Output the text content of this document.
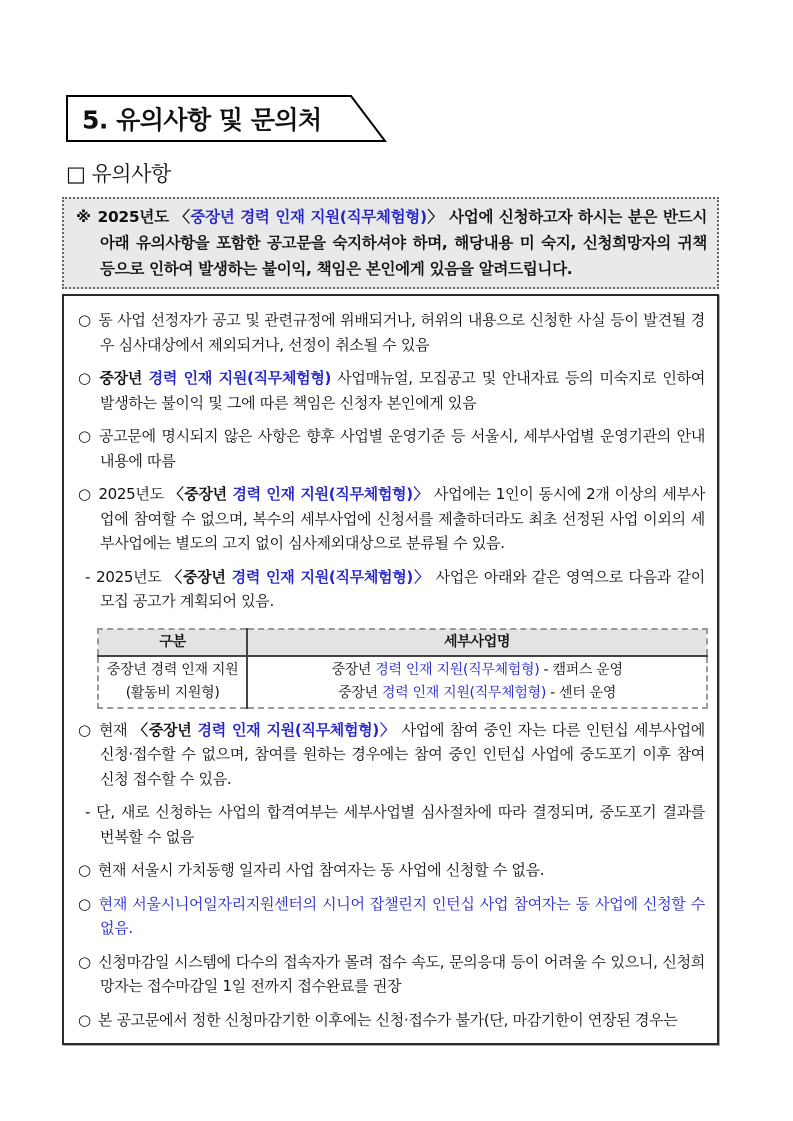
5. 유의사항 및 문의처
□ 유의사항
※ 2025년도 〈중장년 경력 인재 지원(직무체험형)〉 사업에 신청하고자 하시는 분은 반드시 아래 유의사항을 포함한 공고문을 숙지하셔야 하며, 해당내용 미 숙지, 신청희망자의 귀책 등으로 인하여 발생하는 불이익, 책임은 본인에게 있음을 알려드립니다.
○ 동 사업 선정자가 공고 및 관련규정에 위배되거나, 허위의 내용으로 신청한 사실 등이 발견될 경우 심사대상에서 제외되거나, 선정이 취소될 수 있음
○ 중장년 경력 인재 지원(직무체험형) 사업매뉴얼, 모집공고 및 안내자료 등의 미숙지로 인하여 발생하는 불이익 및 그에 따른 책임은 신청자 본인에게 있음
○ 공고문에 명시되지 않은 사항은 향후 사업별 운영기준 등 서울시, 세부사업별 운영기관의 안내 내용에 따름
○ 2025년도 〈중장년 경력 인재 지원(직무체험형)〉 사업에는 1인이 동시에 2개 이상의 세부사업에 참여할 수 없으며, 복수의 세부사업에 신청서를 제출하더라도 최초 선정된 사업 이외의 세부사업에는 별도의 고지 없이 심사제외대상으로 분류될 수 있음.
- 2025년도 〈중장년 경력 인재 지원(직무체험형)〉 사업은 아래와 같은 영역으로 다음과 같이 모집 공고가 계획되어 있음.
구분	세부사업명

중장년 경력 인재 지원
(활동비 지원형)	중장년 경력 인재 지원(직무체험형) - 캠퍼스 운영
중장년 경력 인재 지원(직무체험형) - 센터 운영
○ 현재 〈중장년 경력 인재 지원(직무체험형)〉 사업에 참여 중인 자는 다른 인턴십 세부사업에 신청·접수할 수 없으며, 참여를 원하는 경우에는 참여 중인 인턴십 사업에 중도포기 이후 참여 신청 접수할 수 있음.
- 단, 새로 신청하는 사업의 합격여부는 세부사업별 심사절차에 따라 결정되며, 중도포기 결과를 번복할 수 없음
○ 현재 서울시 가치동행 일자리 사업 참여자는 동 사업에 신청할 수 없음.
○ 현재 서울시니어일자리지원센터의 시니어 잡챌린지 인턴십 사업 참여자는 동 사업에 신청할 수 없음.
○ 신청마감일 시스템에 다수의 접속자가 몰려 접수 속도, 문의응대 등이 어려울 수 있으니, 신청희망자는 접수마감일 1일 전까지 접수완료를 권장
○ 본 공고문에서 정한 신청마감기한 이후에는 신청·접수가 불가(단, 마감기한이 연장된 경우는
